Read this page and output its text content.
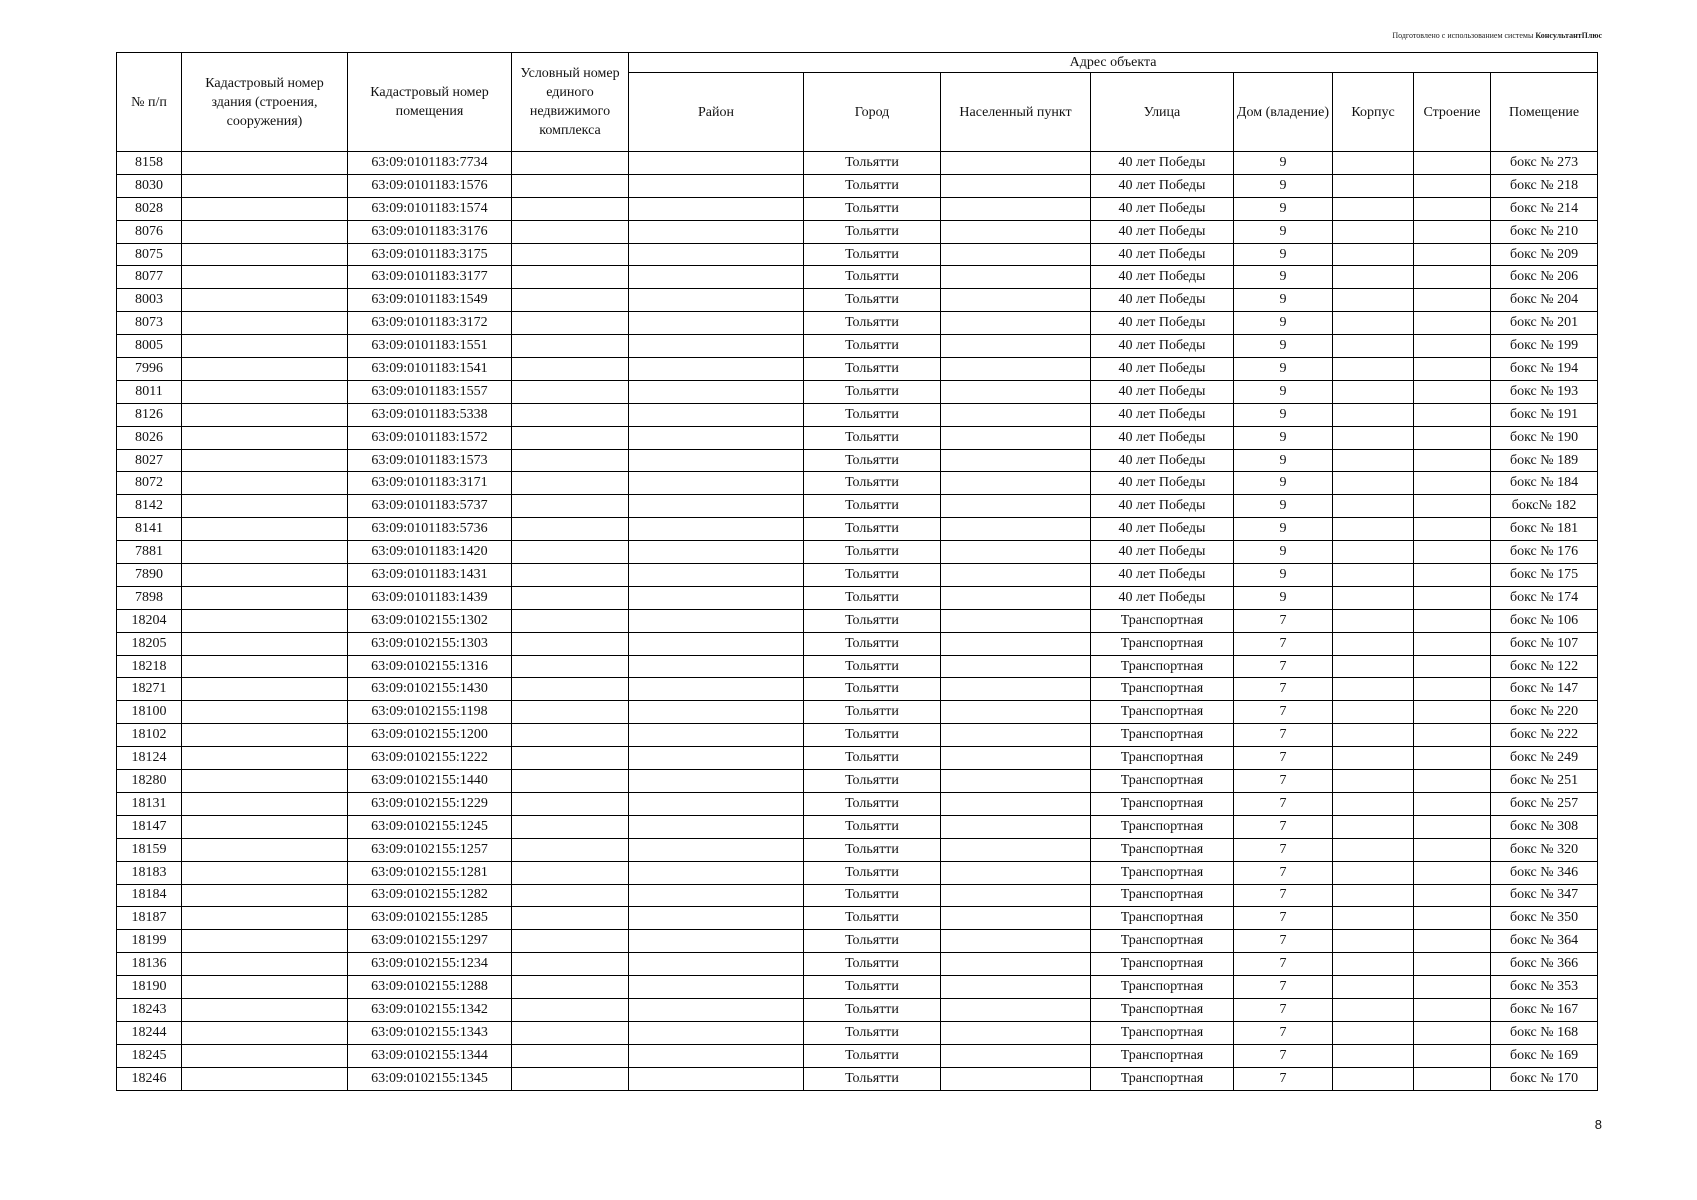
Подготовлено с использованием системы КонсультантПлюс
№ п/п	Кадастровый номер здания (строения, сооружения)	Кадастровый номер помещения	Условный номер единого недвижимого комплекса	Адрес объекта							
				Район	Город	Населенный пункт	Улица	Дом (владение)	Корпус	Строение	Помещение
8158		63:09:0101183:7734			Тольятти		40 лет Победы	9			бокс № 273
8030		63:09:0101183:1576			Тольятти		40 лет Победы	9			бокс № 218
8028		63:09:0101183:1574			Тольятти		40 лет Победы	9			бокс № 214
8076		63:09:0101183:3176			Тольятти		40 лет Победы	9			бокс № 210
8075		63:09:0101183:3175			Тольятти		40 лет Победы	9			бокс № 209
8077		63:09:0101183:3177			Тольятти		40 лет Победы	9			бокс № 206
8003		63:09:0101183:1549			Тольятти		40 лет Победы	9			бокс № 204
8073		63:09:0101183:3172			Тольятти		40 лет Победы	9			бокс № 201
8005		63:09:0101183:1551			Тольятти		40 лет Победы	9			бокс № 199
7996		63:09:0101183:1541			Тольятти		40 лет Победы	9			бокс № 194
8011		63:09:0101183:1557			Тольятти		40 лет Победы	9			бокс № 193
8126		63:09:0101183:5338			Тольятти		40 лет Победы	9			бокс № 191
8026		63:09:0101183:1572			Тольятти		40 лет Победы	9			бокс № 190
8027		63:09:0101183:1573			Тольятти		40 лет Победы	9			бокс № 189
8072		63:09:0101183:3171			Тольятти		40 лет Победы	9			бокс № 184
8142		63:09:0101183:5737			Тольятти		40 лет Победы	9			бокс№ 182
8141		63:09:0101183:5736			Тольятти		40 лет Победы	9			бокс № 181
7881		63:09:0101183:1420			Тольятти		40 лет Победы	9			бокс № 176
7890		63:09:0101183:1431			Тольятти		40 лет Победы	9			бокс № 175
7898		63:09:0101183:1439			Тольятти		40 лет Победы	9			бокс № 174
18204		63:09:0102155:1302			Тольятти		Транспортная	7			бокс № 106
18205		63:09:0102155:1303			Тольятти		Транспортная	7			бокс № 107
18218		63:09:0102155:1316			Тольятти		Транспортная	7			бокс № 122
18271		63:09:0102155:1430			Тольятти		Транспортная	7			бокс № 147
18100		63:09:0102155:1198			Тольятти		Транспортная	7			бокс № 220
18102		63:09:0102155:1200			Тольятти		Транспортная	7			бокс № 222
18124		63:09:0102155:1222			Тольятти		Транспортная	7			бокс № 249
18280		63:09:0102155:1440			Тольятти		Транспортная	7			бокс № 251
18131		63:09:0102155:1229			Тольятти		Транспортная	7			бокс № 257
18147		63:09:0102155:1245			Тольятти		Транспортная	7			бокс № 308
18159		63:09:0102155:1257			Тольятти		Транспортная	7			бокс № 320
18183		63:09:0102155:1281			Тольятти		Транспортная	7			бокс № 346
18184		63:09:0102155:1282			Тольятти		Транспортная	7			бокс № 347
18187		63:09:0102155:1285			Тольятти		Транспортная	7			бокс № 350
18199		63:09:0102155:1297			Тольятти		Транспортная	7			бокс № 364
18136		63:09:0102155:1234			Тольятти		Транспортная	7			бокс № 366
18190		63:09:0102155:1288			Тольятти		Транспортная	7			бокс № 353
18243		63:09:0102155:1342			Тольятти		Транспортная	7			бокс № 167
18244		63:09:0102155:1343			Тольятти		Транспортная	7			бокс № 168
18245		63:09:0102155:1344			Тольятти		Транспортная	7			бокс № 169
18246		63:09:0102155:1345			Тольятти		Транспортная	7			бокс № 170
8
